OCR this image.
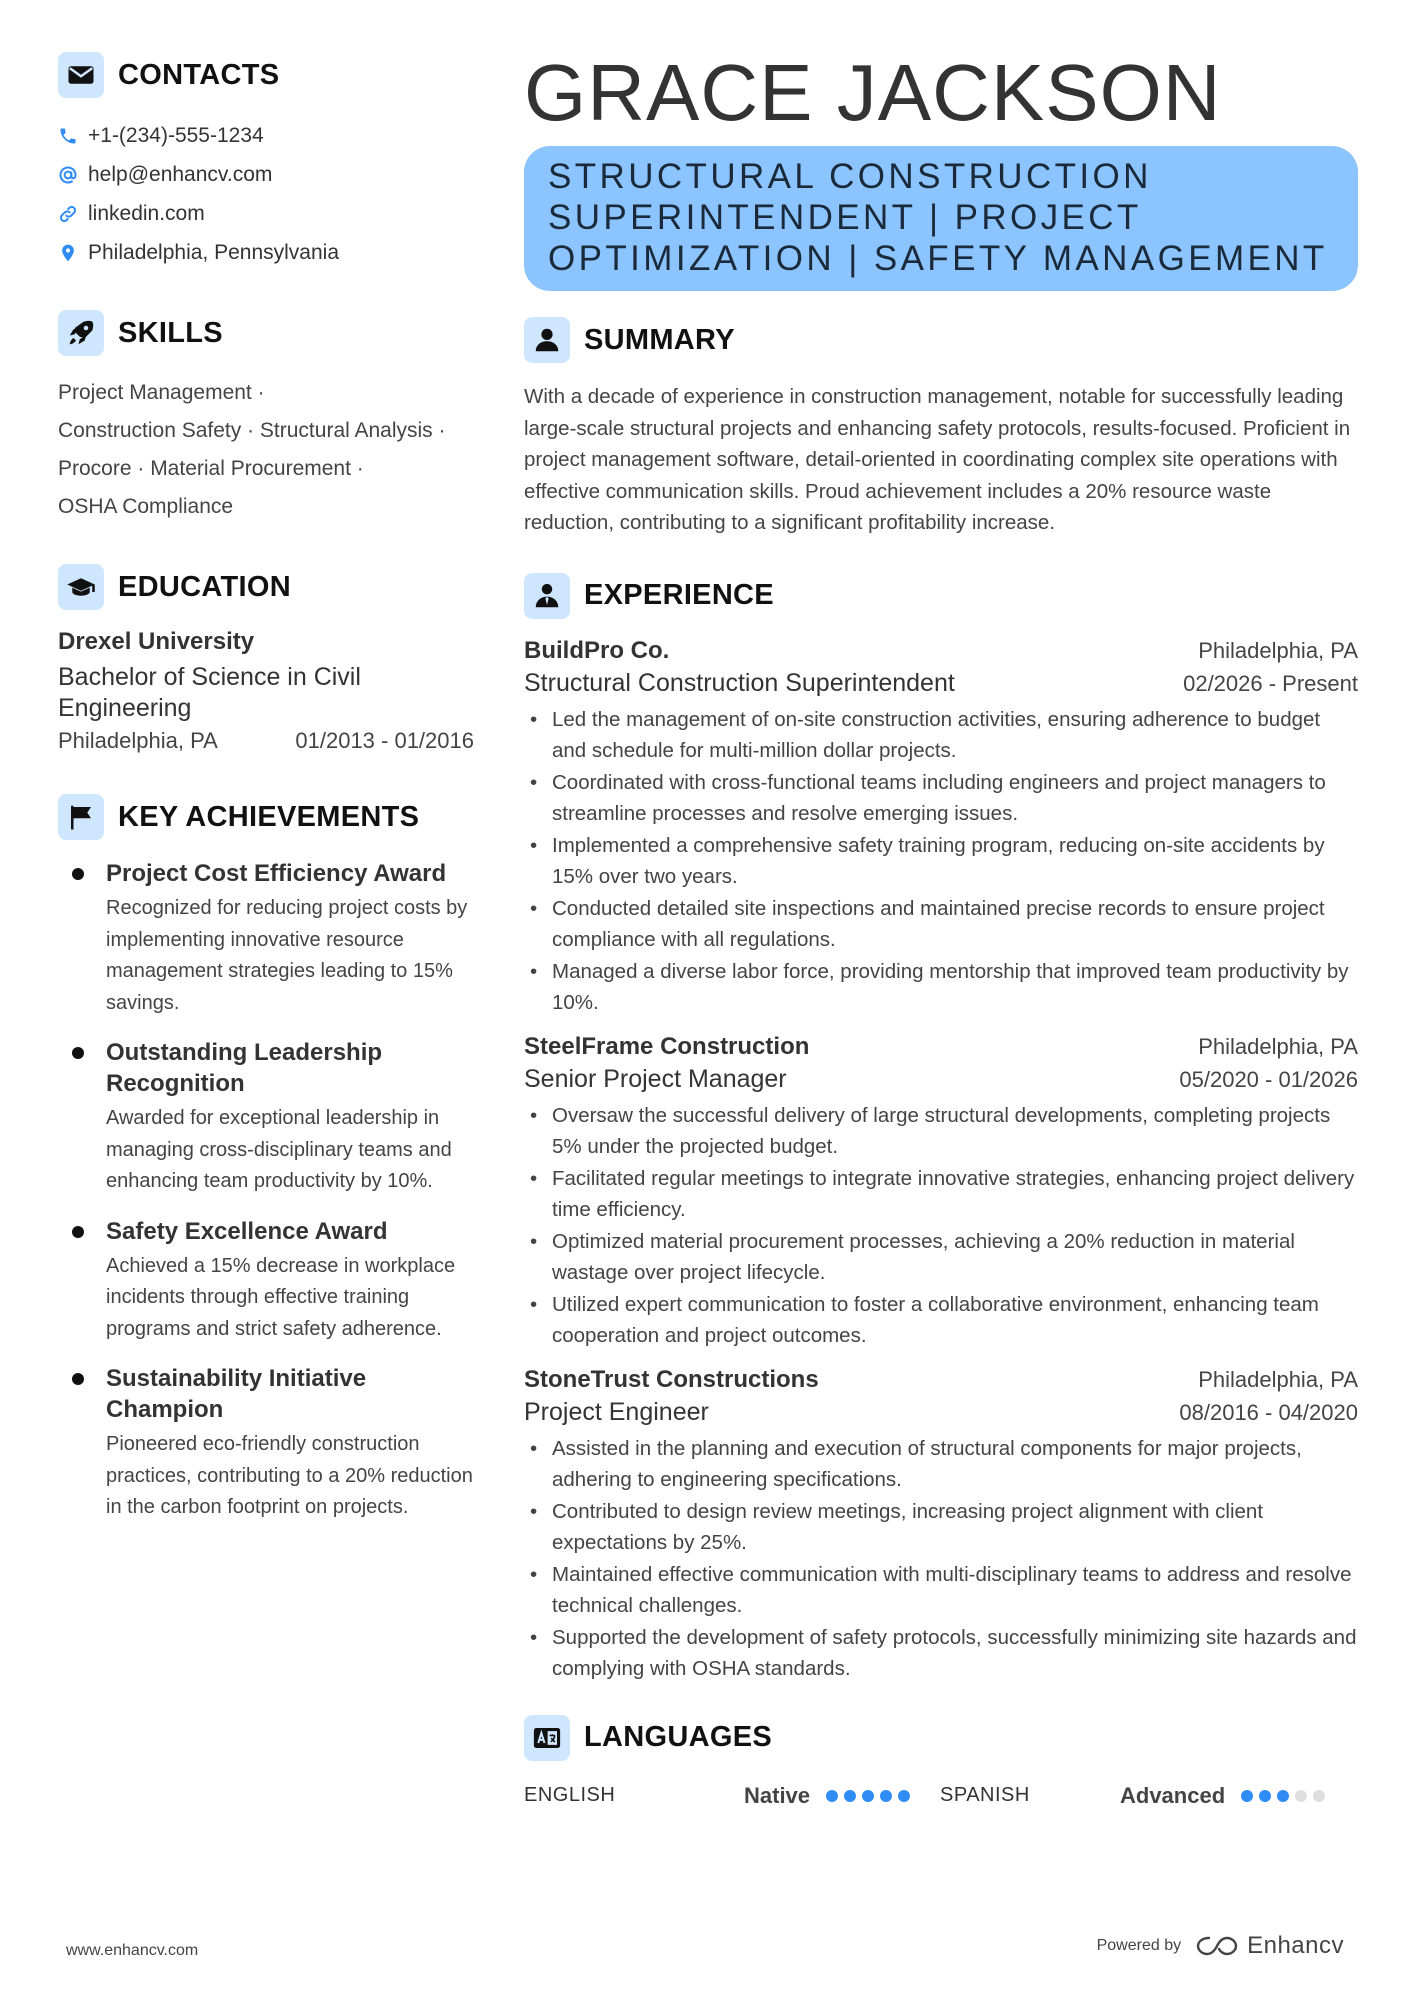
CONTACTS
+1-(234)-555-1234
help@enhancv.com
linkedin.com
Philadelphia, Pennsylvania
SKILLS
Project Management ·
Construction Safety · Structural Analysis ·
Procore · Material Procurement ·
OSHA Compliance
EDUCATION
Drexel University
Bachelor of Science in Civil Engineering
Philadelphia, PA	01/2013 - 01/2016
KEY ACHIEVEMENTS
Project Cost Efficiency Award
Recognized for reducing project costs by implementing innovative resource management strategies leading to 15% savings.
Outstanding Leadership Recognition
Awarded for exceptional leadership in managing cross-disciplinary teams and enhancing team productivity by 10%.
Safety Excellence Award
Achieved a 15% decrease in workplace incidents through effective training programs and strict safety adherence.
Sustainability Initiative Champion
Pioneered eco-friendly construction practices, contributing to a 20% reduction in the carbon footprint on projects.
GRACE JACKSON
STRUCTURAL CONSTRUCTION SUPERINTENDENT | PROJECT OPTIMIZATION | SAFETY MANAGEMENT
SUMMARY

With a decade of experience in construction management, notable for successfully leading large-scale structural projects and enhancing safety protocols, results-focused. Proficient in project management software, detail-oriented in coordinating complex site operations with effective communication skills. Proud achievement includes a 20% resource waste reduction, contributing to a significant profitability increase.

EXPERIENCE
BuildPro Co.	Philadelphia, PA
Structural Construction Superintendent	02/2026 - Present
• Led the management of on-site construction activities, ensuring adherence to budget and schedule for multi-million dollar projects.
• Coordinated with cross-functional teams including engineers and project managers to streamline processes and resolve emerging issues.
• Implemented a comprehensive safety training program, reducing on-site accidents by 15% over two years.
• Conducted detailed site inspections and maintained precise records to ensure project compliance with all regulations.
• Managed a diverse labor force, providing mentorship that improved team productivity by 10%.
SteelFrame Construction	Philadelphia, PA
Senior Project Manager	05/2020 - 01/2026
• Oversaw the successful delivery of large structural developments, completing projects 5% under the projected budget.
• Facilitated regular meetings to integrate innovative strategies, enhancing project delivery time efficiency.
• Optimized material procurement processes, achieving a 20% reduction in material wastage over project lifecycle.
• Utilized expert communication to foster a collaborative environment, enhancing team cooperation and project outcomes.
StoneTrust Constructions	Philadelphia, PA
Project Engineer	08/2016 - 04/2020
• Assisted in the planning and execution of structural components for major projects, adhering to engineering specifications.
• Contributed to design review meetings, increasing project alignment with client expectations by 25%.
• Maintained effective communication with multi-disciplinary teams to address and resolve technical challenges.
• Supported the development of safety protocols, successfully minimizing site hazards and complying with OSHA standards.
LANGUAGES
ENGLISH	Native	SPANISH	Advanced
www.enhancv.com	Powered by	Enhancv
